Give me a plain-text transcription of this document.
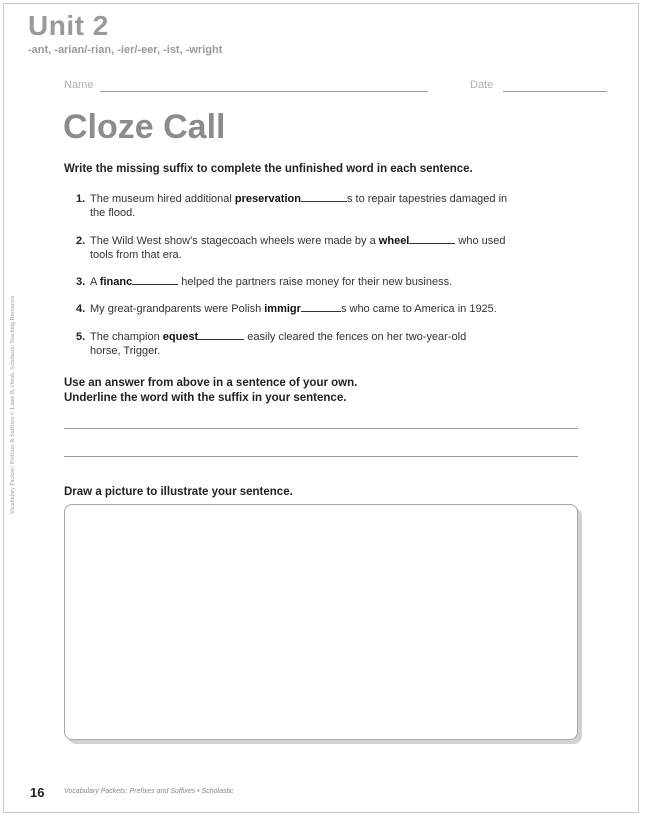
Unit 2
-ant, -arian/-rian, -ier/-eer, -ist, -wright
Name	Date
Cloze Call
Write the missing suffix to complete the unfinished word in each sentence.
1. The museum hired additional preservation	s to repair tapestries damaged in
the flood.
2. The Wild West show’s stagecoach wheels were made by a wheel	who used
tools from that era.
3. A financ	helped the partners raise money for their new business.
4. My great-grandparents were Polish immigr	s who came to America in 1925.
5. The champion equest	easily cleared the fences on her two-year-old
horse, Trigger.
Use an answer from above in a sentence of your own.
Underline the word with the suffix in your sentence.
Draw a picture to illustrate your sentence.
16	Vocabulary Packets: Prefixes and Suffixes • Scholastic
Vocabulary Packets: Prefixes & Suffixes © Liane B. Onish, Scholastic Teaching Resources
